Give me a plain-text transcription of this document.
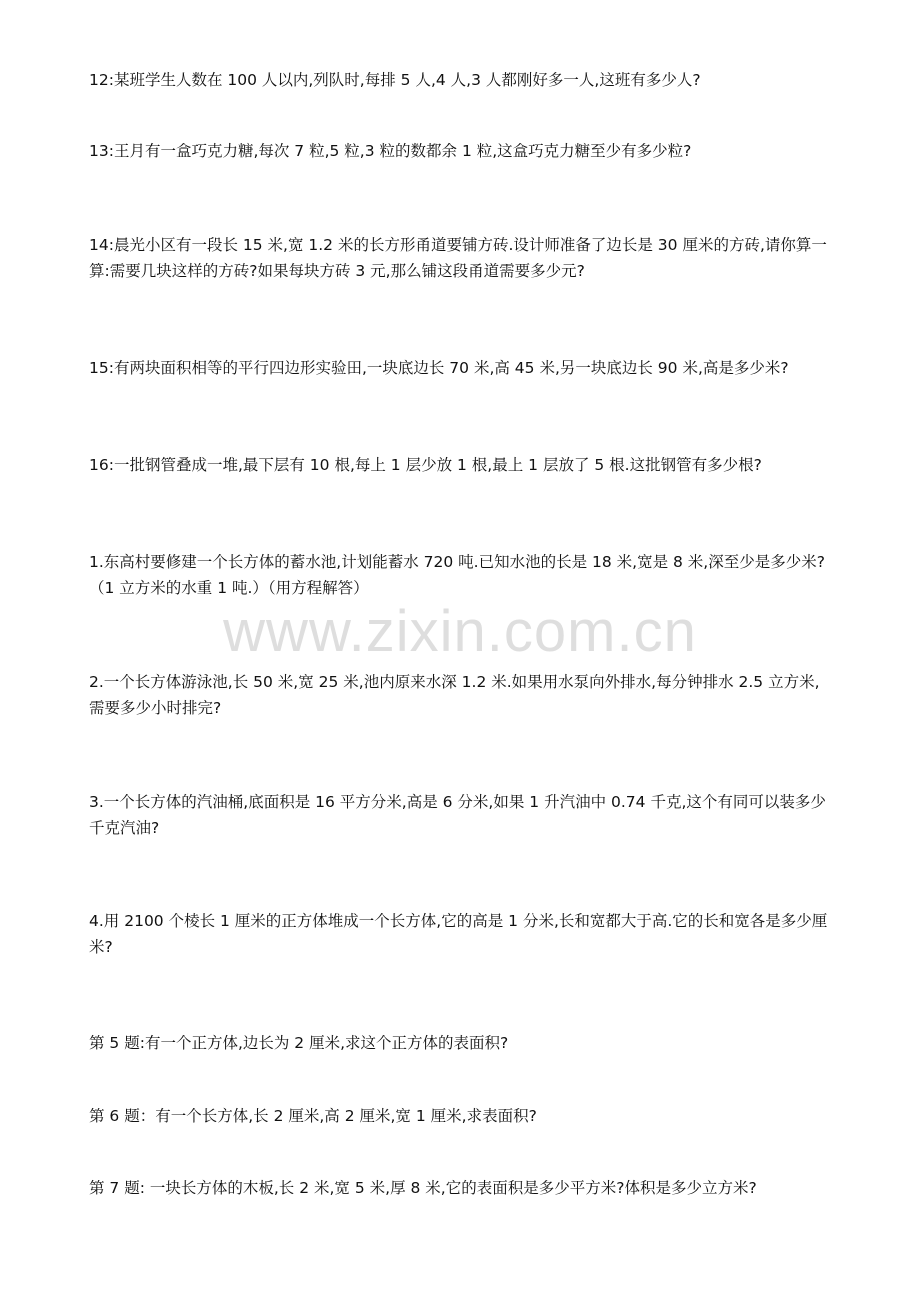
www.zixin.com.cn

12:某班学生人数在 100 人以内,列队时,每排 5 人,4 人,3 人都刚好多一人,这班有多少人?

13:王月有一盒巧克力糖,每次 7 粒,5 粒,3 粒的数都余 1 粒,这盒巧克力糖至少有多少粒?

14:晨光小区有一段长 15 米,宽 1.2 米的长方形甬道要铺方砖.设计师准备了边长是 30 厘米的方砖,请你算一算:需要几块这样的方砖?如果每块方砖 3 元,那么铺这段甬道需要多少元?

15:有两块面积相等的平行四边形实验田,一块底边长 70 米,高 45 米,另一块底边长 90 米,高是多少米?

16:一批钢管叠成一堆,最下层有 10 根,每上 1 层少放 1 根,最上 1 层放了 5 根.这批钢管有多少根?

1.东高村要修建一个长方体的蓄水池,计划能蓄水 720 吨.已知水池的长是 18 米,宽是 8 米,深至少是多少米?（1 立方米的水重 1 吨.）（用方程解答）

2.一个长方体游泳池,长 50 米,宽 25 米,池内原来水深 1.2 米.如果用水泵向外排水,每分钟排水 2.5 立方米,需要多少小时排完?

3.一个长方体的汽油桶,底面积是 16 平方分米,高是 6 分米,如果 1 升汽油中 0.74 千克,这个有同可以装多少千克汽油?

4.用 2100 个棱长 1 厘米的正方体堆成一个长方体,它的高是 1 分米,长和宽都大于高.它的长和宽各是多少厘米?

第 5 题:有一个正方体,边长为 2 厘米,求这个正方体的表面积?

第 6 题：有一个长方体,长 2 厘米,高 2 厘米,宽 1 厘米,求表面积?

第 7 题: 一块长方体的木板,长 2 米,宽 5 米,厚 8 米,它的表面积是多少平方米?体积是多少立方米?
